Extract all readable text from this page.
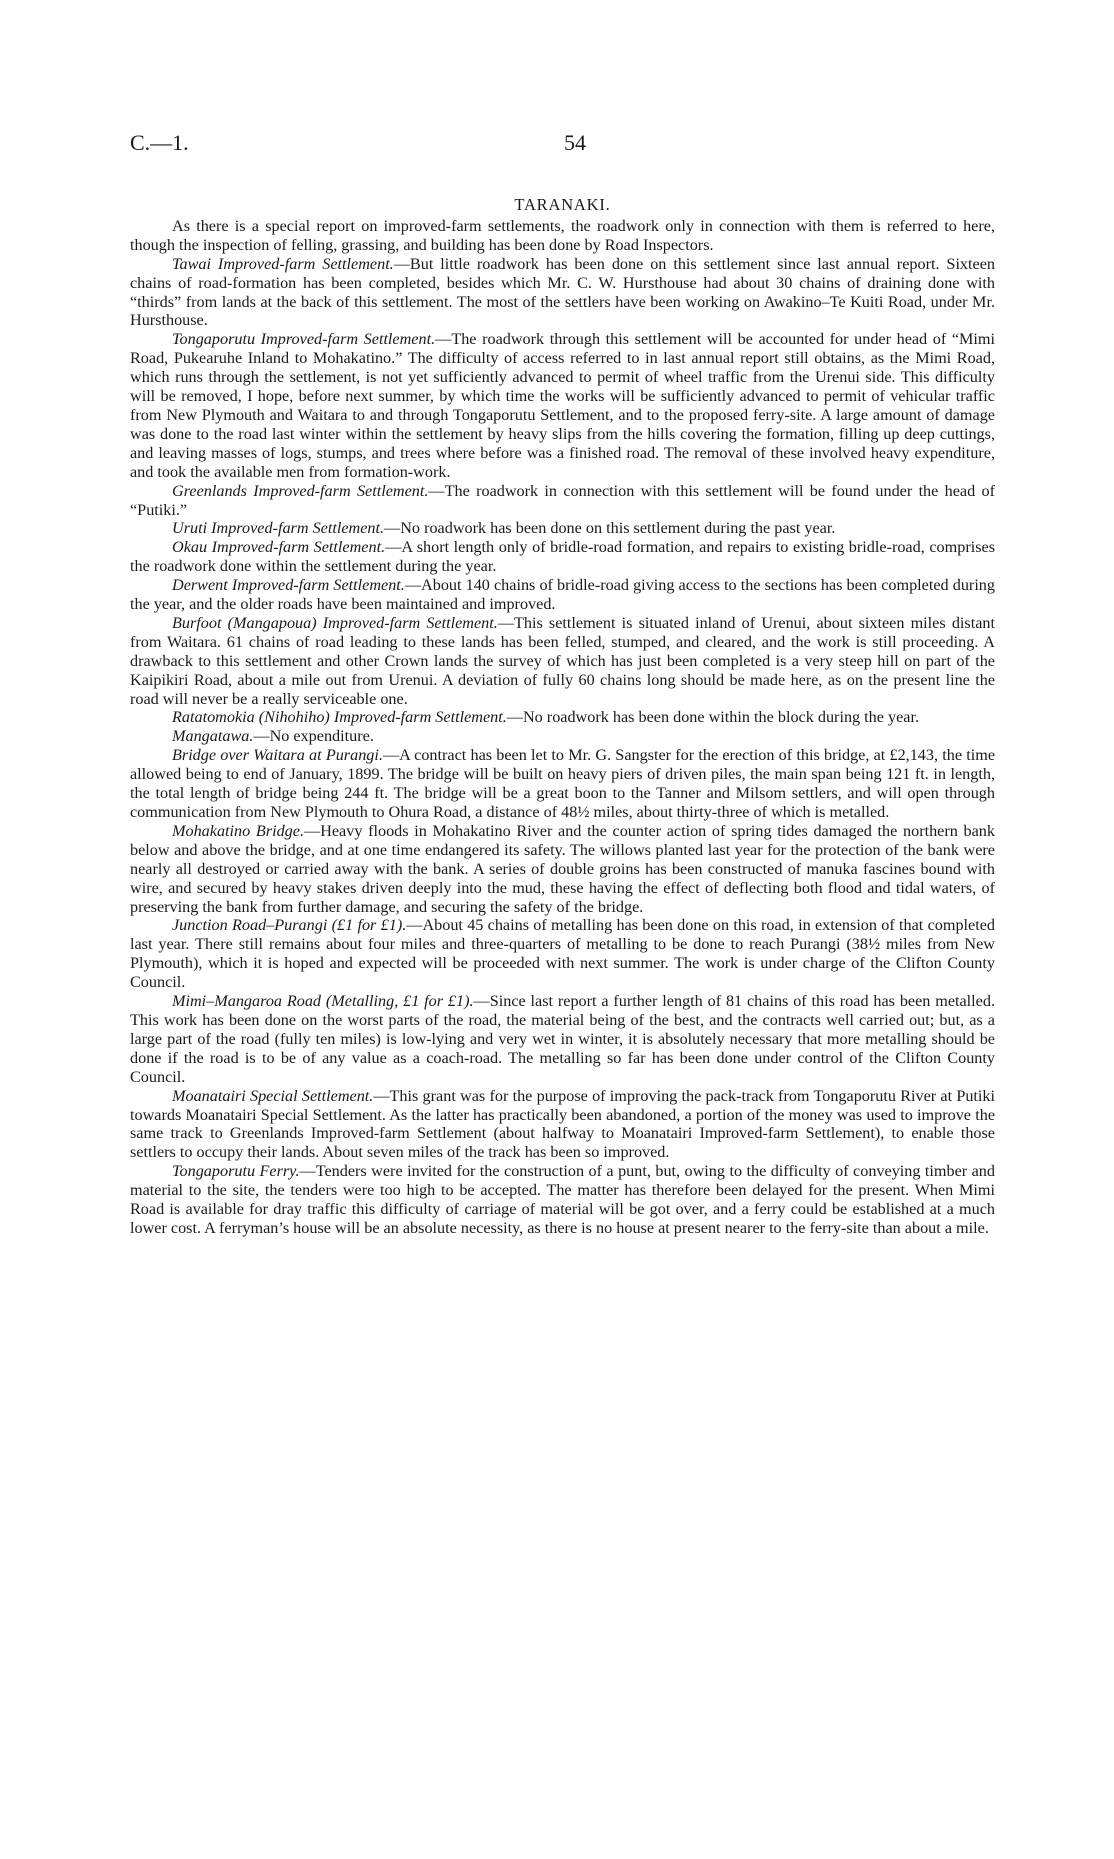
C.—1.	54
TARANAKI.

As there is a special report on improved-farm settlements, the roadwork only in connection with them is referred to here, though the inspection of felling, grassing, and building has been done by Road Inspectors.

Tawai Improved-farm Settlement.—But little roadwork has been done on this settlement since last annual report. Sixteen chains of road-formation has been completed, besides which Mr. C. W. Hursthouse had about 30 chains of draining done with “thirds” from lands at the back of this settlement. The most of the settlers have been working on Awakino–Te Kuiti Road, under Mr. Hursthouse.

Tongaporutu Improved-farm Settlement.—The roadwork through this settlement will be accounted for under head of “Mimi Road, Pukearuhe Inland to Mohakatino.” The difficulty of access referred to in last annual report still obtains, as the Mimi Road, which runs through the settlement, is not yet sufficiently advanced to permit of wheel traffic from the Urenui side. This difficulty will be removed, I hope, before next summer, by which time the works will be sufficiently advanced to permit of vehicular traffic from New Plymouth and Waitara to and through Tongaporutu Settlement, and to the proposed ferry-site. A large amount of damage was done to the road last winter within the settlement by heavy slips from the hills covering the formation, filling up deep cuttings, and leaving masses of logs, stumps, and trees where before was a finished road. The removal of these involved heavy expenditure, and took the available men from formation-work.

Greenlands Improved-farm Settlement.—The roadwork in connection with this settlement will be found under the head of “Putiki.”

Uruti Improved-farm Settlement.—No roadwork has been done on this settlement during the past year.

Okau Improved-farm Settlement.—A short length only of bridle-road formation, and repairs to existing bridle-road, comprises the roadwork done within the settlement during the year.

Derwent Improved-farm Settlement.—About 140 chains of bridle-road giving access to the sections has been completed during the year, and the older roads have been maintained and improved.

Burfoot (Mangapoua) Improved-farm Settlement.—This settlement is situated inland of Urenui, about sixteen miles distant from Waitara. 61 chains of road leading to these lands has been felled, stumped, and cleared, and the work is still proceeding. A drawback to this settlement and other Crown lands the survey of which has just been completed is a very steep hill on part of the Kaipikiri Road, about a mile out from Urenui. A deviation of fully 60 chains long should be made here, as on the present line the road will never be a really serviceable one.

Ratatomokia (Nihohiho) Improved-farm Settlement.—No roadwork has been done within the block during the year.

Mangatawa.—No expenditure.

Bridge over Waitara at Purangi.—A contract has been let to Mr. G. Sangster for the erection of this bridge, at £2,143, the time allowed being to end of January, 1899. The bridge will be built on heavy piers of driven piles, the main span being 121 ft. in length, the total length of bridge being 244 ft. The bridge will be a great boon to the Tanner and Milsom settlers, and will open through communication from New Plymouth to Ohura Road, a distance of 48½ miles, about thirty-three of which is metalled.

Mohakatino Bridge.—Heavy floods in Mohakatino River and the counter action of spring tides damaged the northern bank below and above the bridge, and at one time endangered its safety. The willows planted last year for the protection of the bank were nearly all destroyed or carried away with the bank. A series of double groins has been constructed of manuka fascines bound with wire, and secured by heavy stakes driven deeply into the mud, these having the effect of deflecting both flood and tidal waters, of preserving the bank from further damage, and securing the safety of the bridge.

Junction Road–Purangi (£1 for £1).—About 45 chains of metalling has been done on this road, in extension of that completed last year. There still remains about four miles and three-quarters of metalling to be done to reach Purangi (38½ miles from New Plymouth), which it is hoped and expected will be proceeded with next summer. The work is under charge of the Clifton County Council.

Mimi–Mangaroa Road (Metalling, £1 for £1).—Since last report a further length of 81 chains of this road has been metalled. This work has been done on the worst parts of the road, the material being of the best, and the contracts well carried out; but, as a large part of the road (fully ten miles) is low-lying and very wet in winter, it is absolutely necessary that more metalling should be done if the road is to be of any value as a coach-road. The metalling so far has been done under control of the Clifton County Council.

Moanatairi Special Settlement.—This grant was for the purpose of improving the pack-track from Tongaporutu River at Putiki towards Moanatairi Special Settlement. As the latter has practically been abandoned, a portion of the money was used to improve the same track to Greenlands Improved-farm Settlement (about halfway to Moanatairi Improved-farm Settlement), to enable those settlers to occupy their lands. About seven miles of the track has been so improved.

Tongaporutu Ferry.—Tenders were invited for the construction of a punt, but, owing to the difficulty of conveying timber and material to the site, the tenders were too high to be accepted. The matter has therefore been delayed for the present. When Mimi Road is available for dray traffic this difficulty of carriage of material will be got over, and a ferry could be established at a much lower cost. A ferryman’s house will be an absolute necessity, as there is no house at present nearer to the ferry-site than about a mile.
